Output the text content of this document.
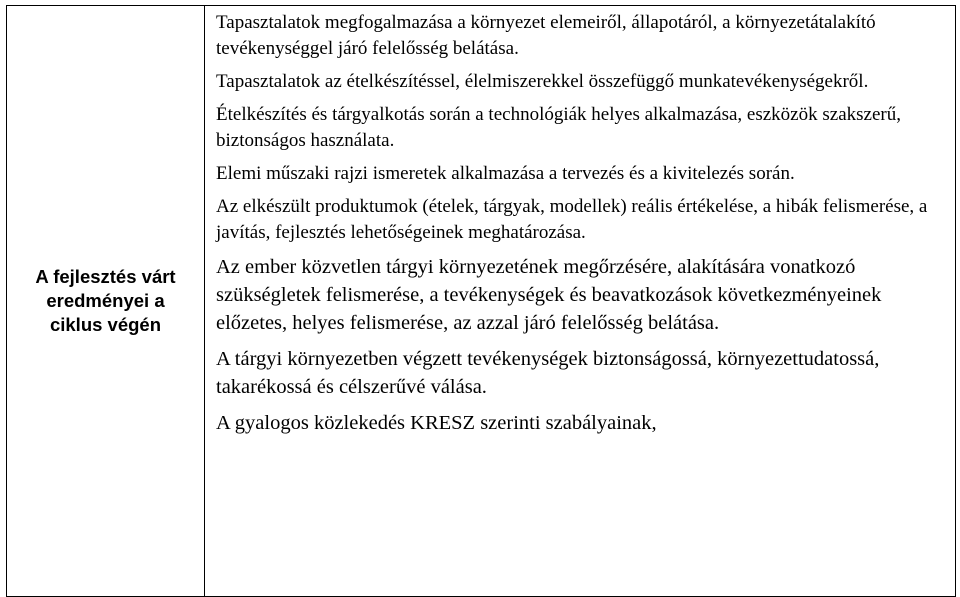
A fejlesztés várt eredményei a ciklus végén

Tapasztalatok megfogalmazása a környezet elemeiről, állapotáról, a környezetátalakító tevékenységgel járó felelősség belátása.

Tapasztalatok az ételkészítéssel, élelmiszerekkel összefüggő munkatevékenységekről.

Ételkészítés és tárgyalkotás során a technológiák helyes alkalmazása, eszközök szakszerű, biztonságos használata.

Elemi műszaki rajzi ismeretek alkalmazása a tervezés és a kivitelezés során.

Az elkészült produktumok (ételek, tárgyak, modellek) reális értékelése, a hibák felismerése, a javítás, fejlesztés lehetőségeinek meghatározása.

Az ember közvetlen tárgyi környezetének megőrzésére, alakítására vonatkozó szükségletek felismerése, a tevékenységek és beavatkozások következményeinek előzetes, helyes felismerése, az azzal járó felelősség belátása.

A tárgyi környezetben végzett tevékenységek biztonságossá, környezettudatossá, takarékossá és célszerűvé válása.

A gyalogos közlekedés KRESZ szerinti szabályainak,
